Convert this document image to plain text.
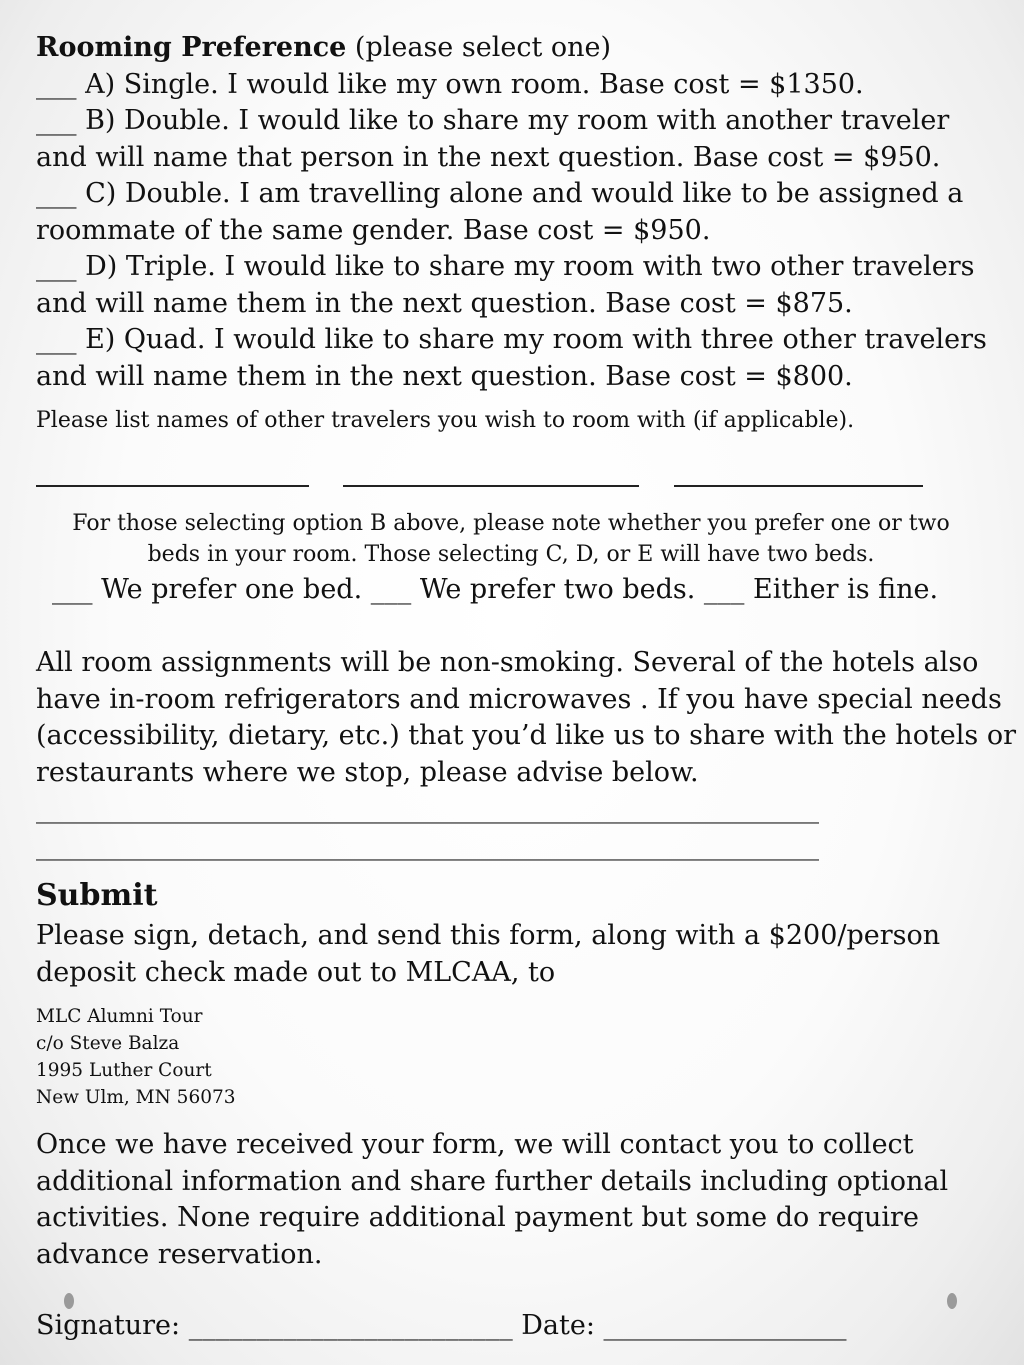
Rooming Preference (please select one)
___ A) Single. I would like my own room. Base cost = $1350.
___ B) Double. I would like to share my room with another traveler
and will name that person in the next question. Base cost = $950.
___ C) Double. I am travelling alone and would like to be assigned a
roommate of the same gender. Base cost = $950.
___ D) Triple. I would like to share my room with two other travelers
and will name them in the next question. Base cost = $875.
___ E) Quad. I would like to share my room with three other travelers
and will name them in the next question. Base cost = $800.
Please list names of other travelers you wish to room with (if applicable).
For those selecting option B above, please note whether you prefer one or two
beds in your room. Those selecting C, D, or E will have two beds.
___ We prefer one bed. ___ We prefer two beds. ___ Either is fine.
All room assignments will be non-smoking. Several of the hotels also
have in-room refrigerators and microwaves . If you have special needs
(accessibility, dietary, etc.) that you’d like us to share with the hotels or
restaurants where we stop, please advise below.
__________________________________________________________
__________________________________________________________
Submit
Please sign, detach, and send this form, along with a $200/person
deposit check made out to MLCAA, to
MLC Alumni Tour
c/o Steve Balza
1995 Luther Court
New Ulm, MN 56073
Once we have received your form, we will contact you to collect
additional information and share further details including optional
activities. None require additional payment but some do require
advance reservation.
Signature: ________________________ Date: __________________
